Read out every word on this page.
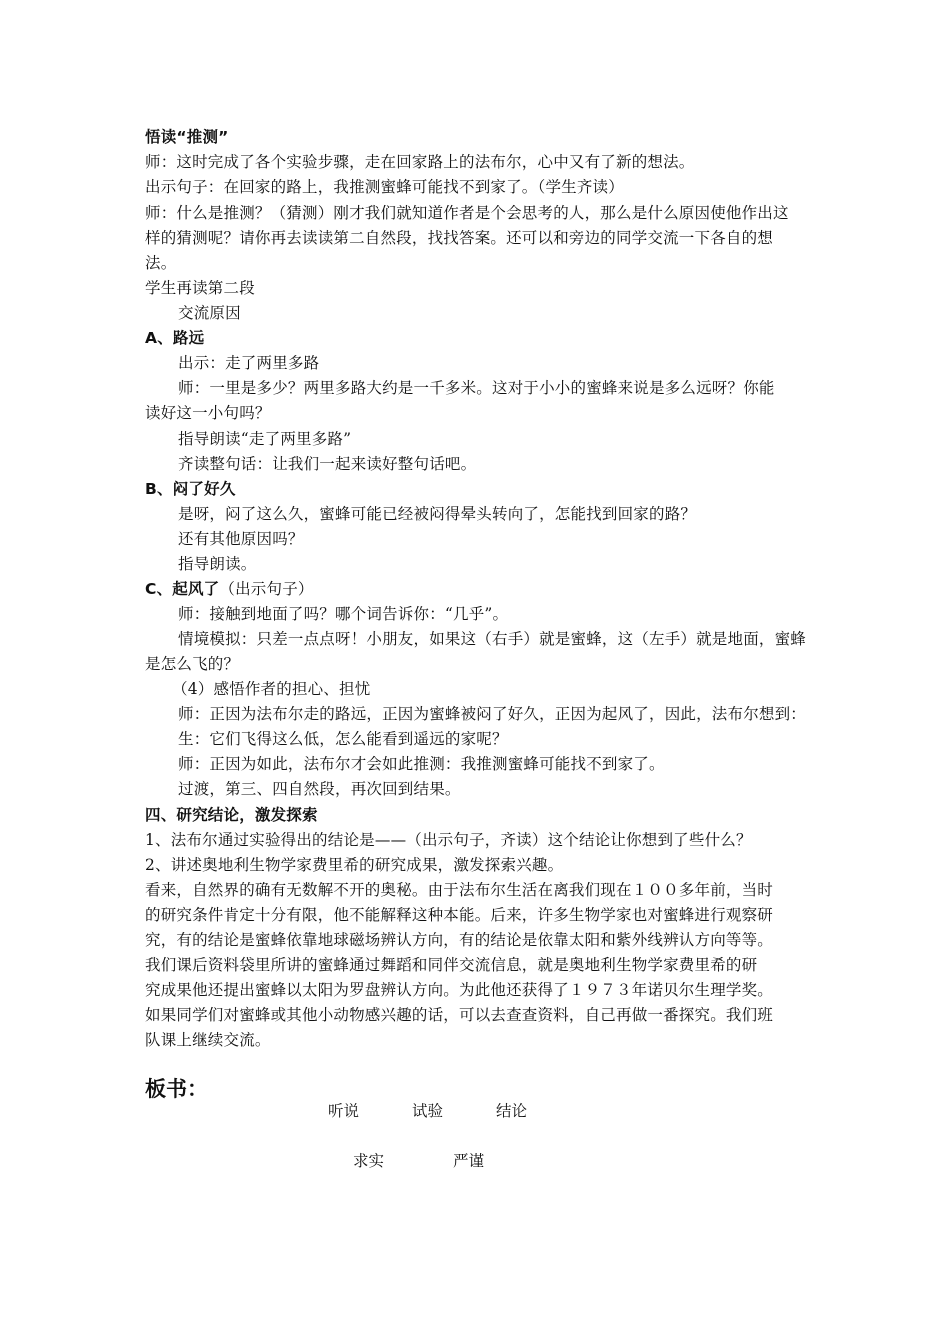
悟读“推测”
师：这时完成了各个实验步骤，走在回家路上的法布尔，心中又有了新的想法。
出示句子：在回家的路上，我推测蜜蜂可能找不到家了。（学生齐读）
师：什么是推测？（猜测）刚才我们就知道作者是个会思考的人，那么是什么原因使他作出这
样的猜测呢？请你再去读读第二自然段，找找答案。还可以和旁边的同学交流一下各自的想
法。
学生再读第二段
交流原因
A、路远
出示：走了两里多路
师：一里是多少？两里多路大约是一千多米。这对于小小的蜜蜂来说是多么远呀？你能
读好这一小句吗？
指导朗读“走了两里多路”
齐读整句话：让我们一起来读好整句话吧。
B、闷了好久
是呀，闷了这么久，蜜蜂可能已经被闷得晕头转向了，怎能找到回家的路？
还有其他原因吗？
指导朗读。
C、起风了（出示句子）
师：接触到地面了吗？哪个词告诉你：“几乎”。
情境模拟：只差一点点呀！小朋友，如果这（右手）就是蜜蜂，这（左手）就是地面，蜜蜂
是怎么飞的？
（4）感悟作者的担心、担忧
师：正因为法布尔走的路远，正因为蜜蜂被闷了好久，正因为起风了，因此，法布尔想到：
生：它们飞得这么低，怎么能看到遥远的家呢？
师：正因为如此，法布尔才会如此推测：我推测蜜蜂可能找不到家了。
过渡，第三、四自然段，再次回到结果。
四、研究结论，激发探索
1、法布尔通过实验得出的结论是——（出示句子，齐读）这个结论让你想到了些什么？
2、讲述奥地利生物学家费里希的研究成果，激发探索兴趣。
看来，自然界的确有无数解不开的奥秘。由于法布尔生活在离我们现在１００多年前，当时
的研究条件肯定十分有限，他不能解释这种本能。后来，许多生物学家也对蜜蜂进行观察研
究，有的结论是蜜蜂依靠地球磁场辨认方向，有的结论是依靠太阳和紫外线辨认方向等等。
我们课后资料袋里所讲的蜜蜂通过舞蹈和同伴交流信息，就是奥地利生物学家费里希的研
究成果他还提出蜜蜂以太阳为罗盘辨认方向。为此他还获得了１９７３年诺贝尔生理学奖。
如果同学们对蜜蜂或其他小动物感兴趣的话，可以去查查资料，自己再做一番探究。我们班
队课上继续交流。
板书：
听说	试验	结论
求实	严谨
